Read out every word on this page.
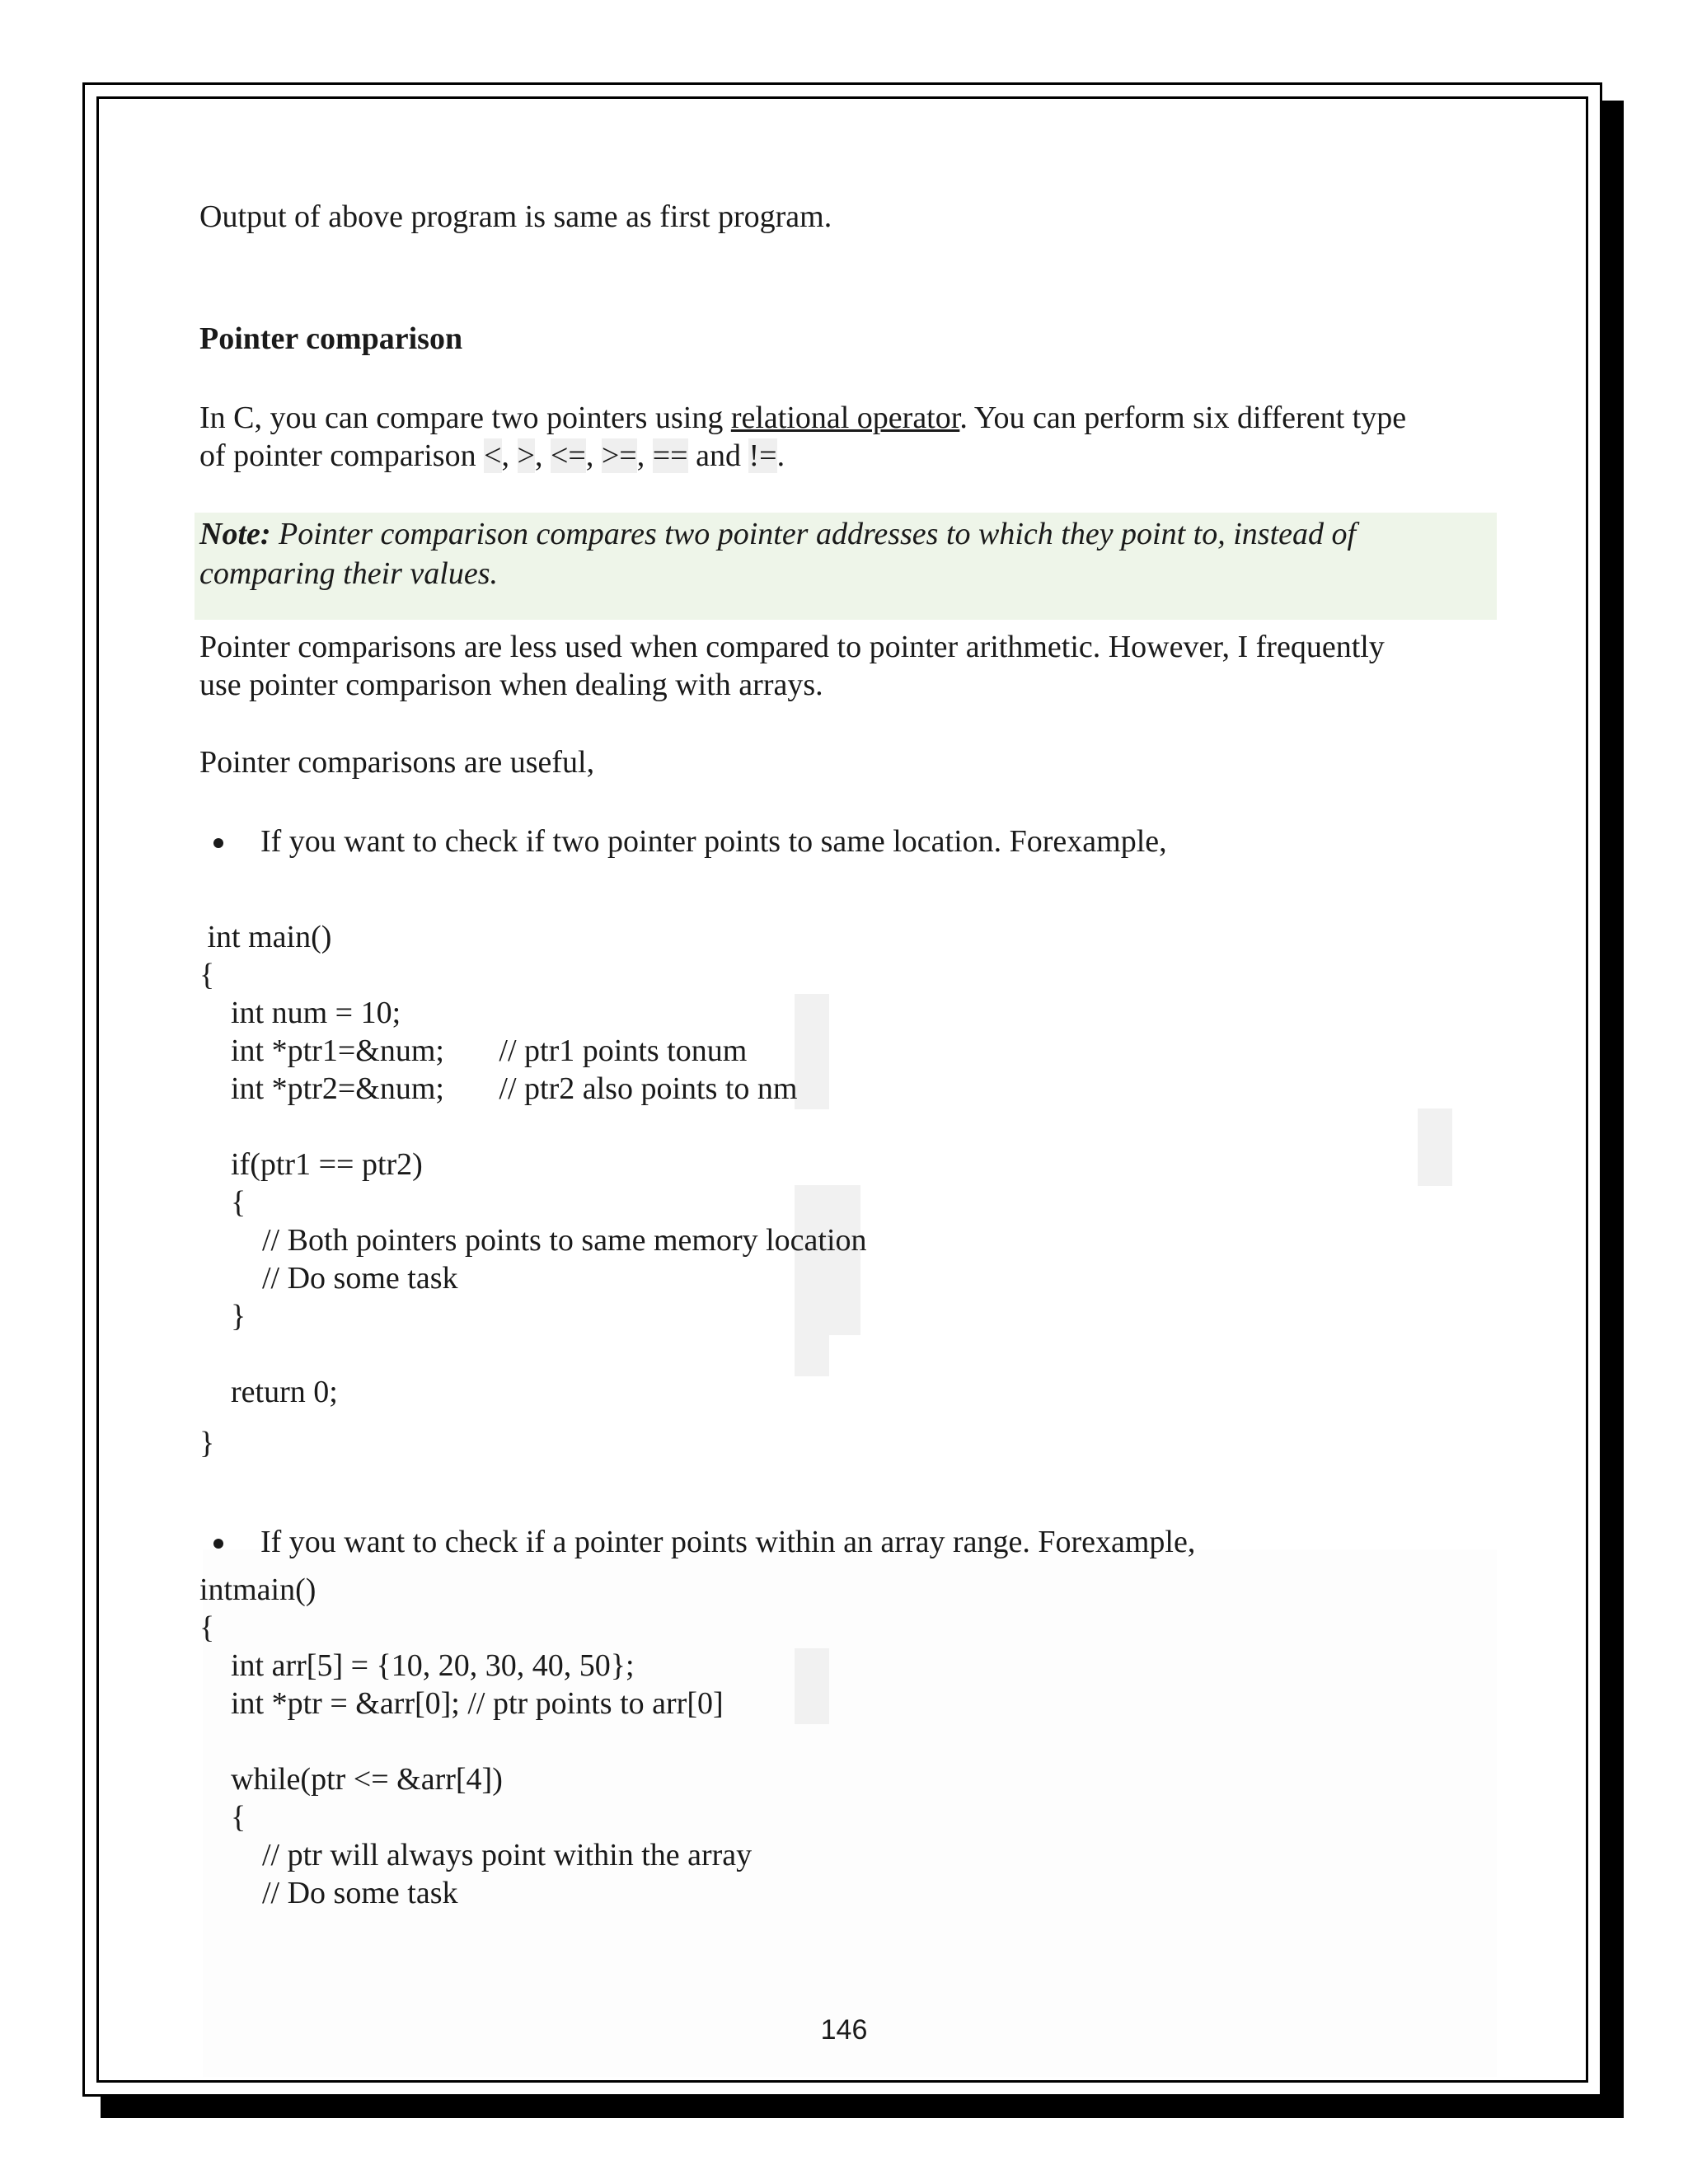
Output of above program is same as first program.
Pointer comparison
In C, you can compare two pointers using relational operator. You can perform six different type
of pointer comparison <, >, <=, >=, == and !=.
Note: Pointer comparison compares two pointer addresses to which they point to, instead of
comparing their values.
Pointer comparisons are less used when compared to pointer arithmetic. However, I frequently
use pointer comparison when dealing with arrays.
Pointer comparisons are useful,
If you want to check if two pointer points to same location. Forexample,
int main()
{
int num = 10;
int *ptr1=&num;       // ptr1 points tonum
int *ptr2=&num;       // ptr2 also points to nm
if(ptr1 == ptr2)
{
// Both pointers points to same memory location
// Do some task
}
return 0;
}
If you want to check if a pointer points within an array range. Forexample,
intmain()
{
int arr[5] = {10, 20, 30, 40, 50};
int *ptr = &arr[0]; // ptr points to arr[0]
while(ptr <= &arr[4])
{
// ptr will always point within the array
// Do some task
146
